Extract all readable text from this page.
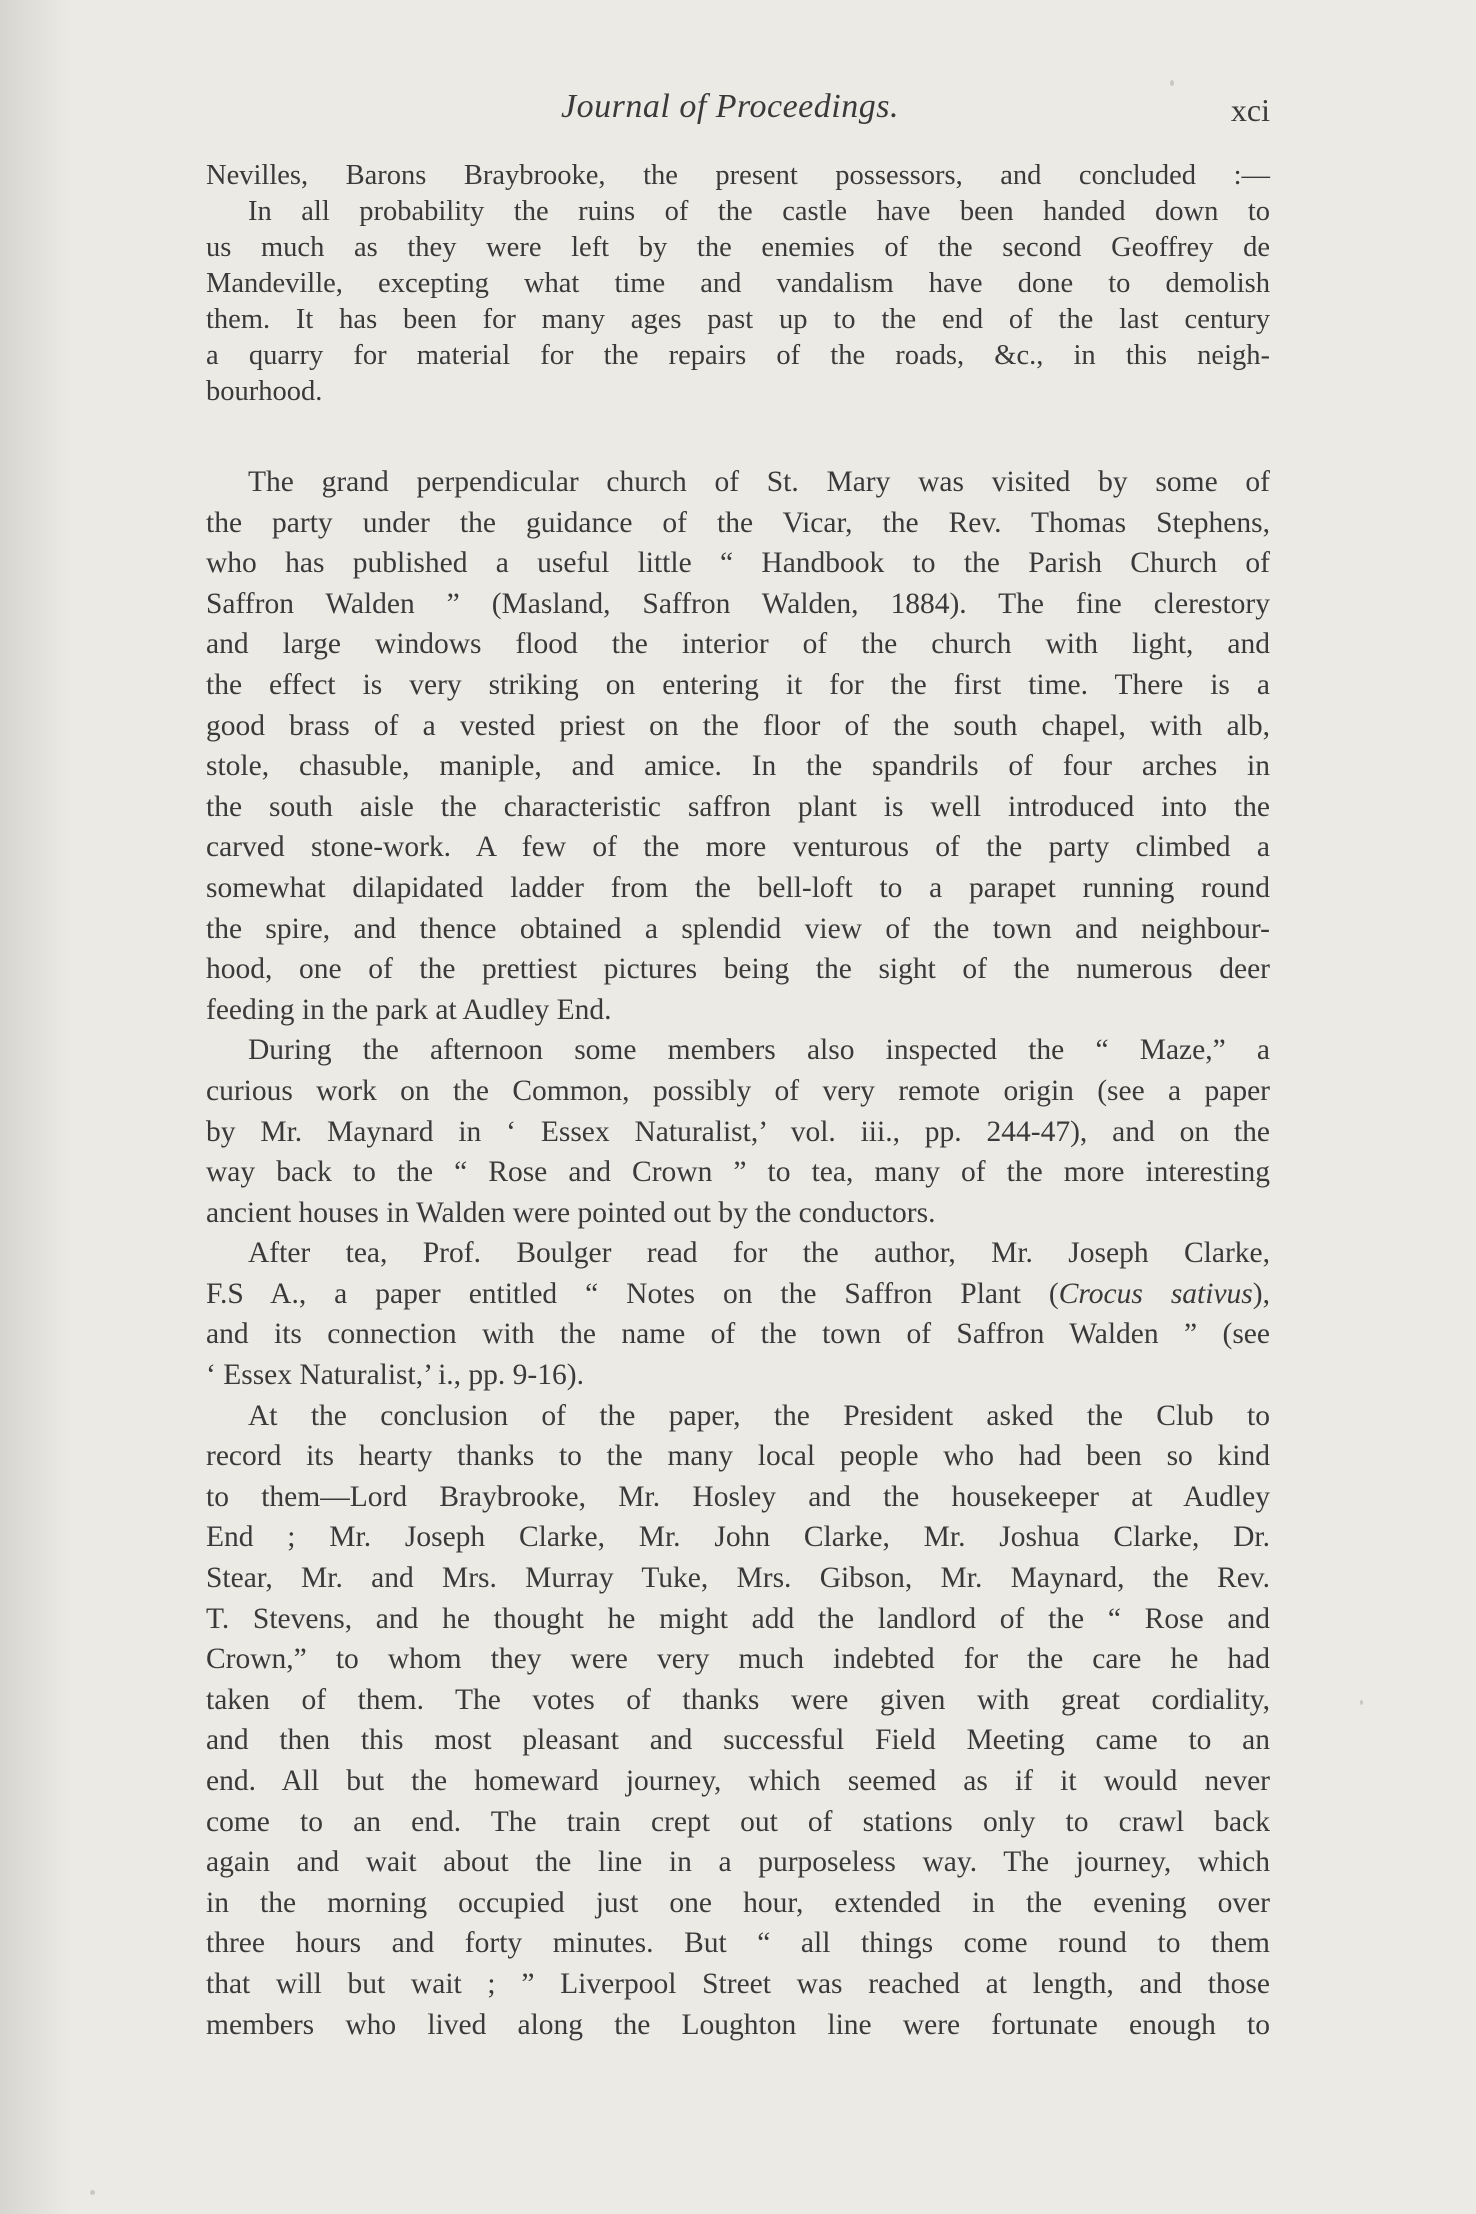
Journal of Proceedings.	xci
Nevilles, Barons Braybrooke, the present possessors, and concluded :—
In all probability the ruins of the castle have been handed down to
us much as they were left by the enemies of the second Geoffrey de
Mandeville, excepting what time and vandalism have done to demolish
them. It has been for many ages past up to the end of the last century
a quarry for material for the repairs of the roads, &c., in this neigh-
bourhood.
The grand perpendicular church of St. Mary was visited by some of
the party under the guidance of the Vicar, the Rev. Thomas Stephens,
who has published a useful little “ Handbook to the Parish Church of
Saffron Walden ” (Masland, Saffron Walden, 1884). The fine clerestory
and large windows flood the interior of the church with light, and
the effect is very striking on entering it for the first time. There is a
good brass of a vested priest on the floor of the south chapel, with alb,
stole, chasuble, maniple, and amice. In the spandrils of four arches in
the south aisle the characteristic saffron plant is well introduced into the
carved stone-work. A few of the more venturous of the party climbed a
somewhat dilapidated ladder from the bell-loft to a parapet running round
the spire, and thence obtained a splendid view of the town and neighbour-
hood, one of the prettiest pictures being the sight of the numerous deer
feeding in the park at Audley End.
During the afternoon some members also inspected the “ Maze,” a
curious work on the Common, possibly of very remote origin (see a paper
by Mr. Maynard in ‘ Essex Naturalist,’ vol. iii., pp. 244-47), and on the
way back to the “ Rose and Crown ” to tea, many of the more interesting
ancient houses in Walden were pointed out by the conductors.
After tea, Prof. Boulger read for the author, Mr. Joseph Clarke,
F.S A., a paper entitled “ Notes on the Saffron Plant (Crocus sativus),
and its connection with the name of the town of Saffron Walden ” (see
‘ Essex Naturalist,’ i., pp. 9-16).
At the conclusion of the paper, the President asked the Club to
record its hearty thanks to the many local people who had been so kind
to them—Lord Braybrooke, Mr. Hosley and the housekeeper at Audley
End ; Mr. Joseph Clarke, Mr. John Clarke, Mr. Joshua Clarke, Dr.
Stear, Mr. and Mrs. Murray Tuke, Mrs. Gibson, Mr. Maynard, the Rev.
T. Stevens, and he thought he might add the landlord of the “ Rose and
Crown,” to whom they were very much indebted for the care he had
taken of them. The votes of thanks were given with great cordiality,
and then this most pleasant and successful Field Meeting came to an
end. All but the homeward journey, which seemed as if it would never
come to an end. The train crept out of stations only to crawl back
again and wait about the line in a purposeless way. The journey, which
in the morning occupied just one hour, extended in the evening over
three hours and forty minutes. But “ all things come round to them
that will but wait ; ” Liverpool Street was reached at length, and those
members who lived along the Loughton line were fortunate enough to
